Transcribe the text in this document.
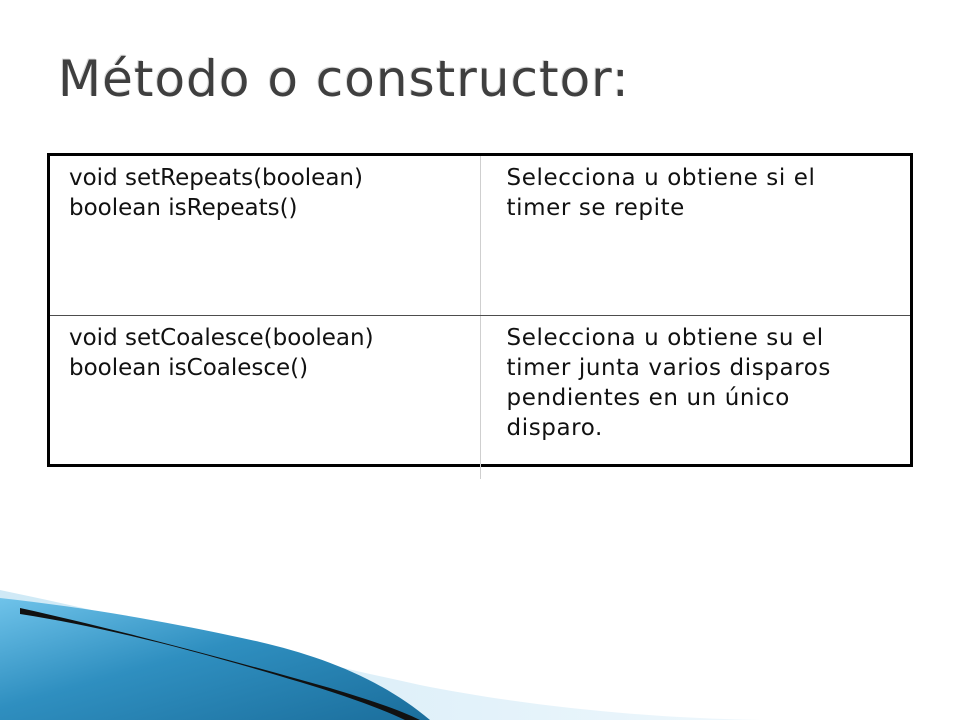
Método o constructor:
void setRepeats(boolean)
boolean isRepeats()	Selecciona u obtiene si el
timer se repite

void setCoalesce(boolean)
boolean isCoalesce()	Selecciona u obtiene su el
timer junta varios disparos
pendientes en un único
disparo.
